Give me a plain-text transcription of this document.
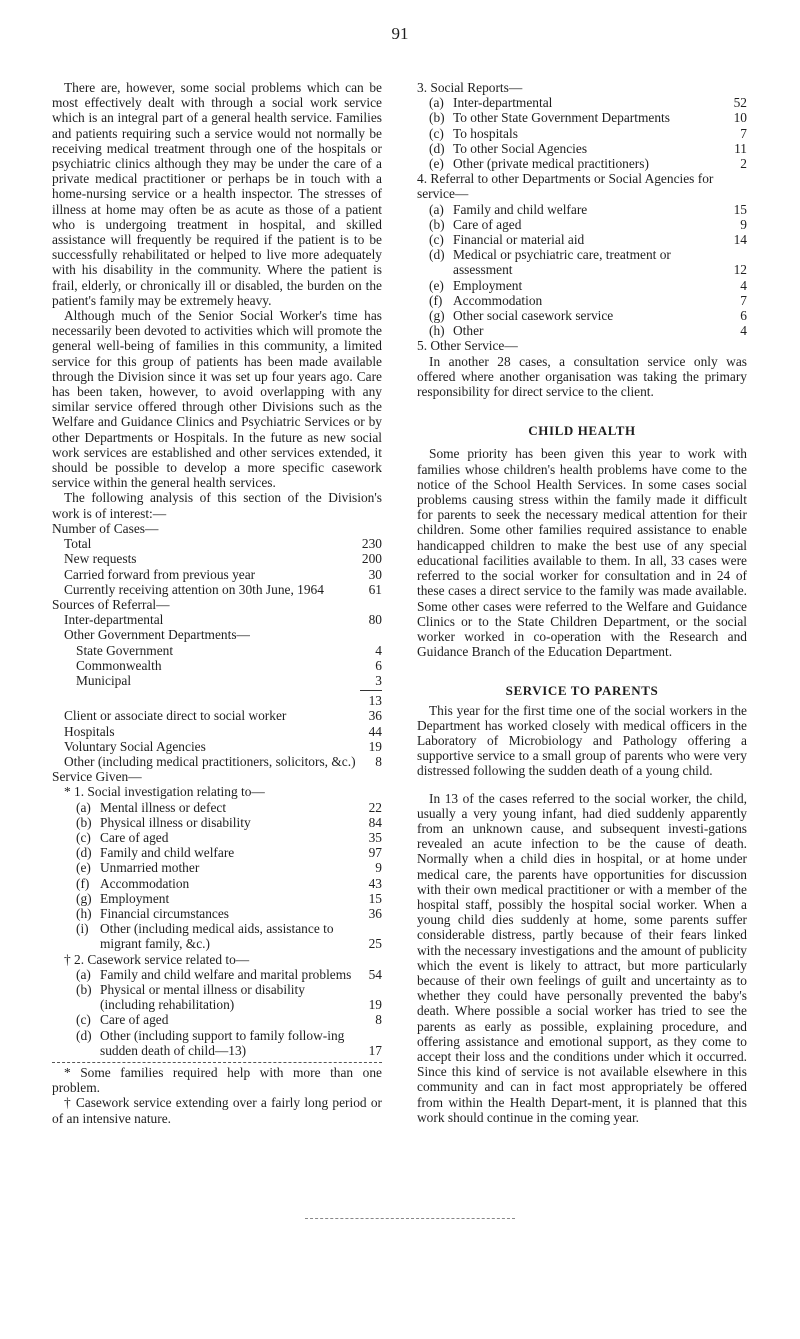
91

There are, however, some social problems which can be most effectively dealt with through a social work service which is an integral part of a general health service. Families and patients requiring such a service would not normally be receiving medical treatment through one of the hospitals or psychiatric clinics although they may be under the care of a private medical practitioner or perhaps be in touch with a home-nursing service or a health inspector. The stresses of illness at home may often be as acute as those of a patient who is undergoing treatment in hospital, and skilled assistance will frequently be required if the patient is to be successfully rehabilitated or helped to live more adequately with his disability in the community. Where the patient is frail, elderly, or chronically ill or disabled, the burden on the patient's family may be extremely heavy.

Although much of the Senior Social Worker's time has necessarily been devoted to activities which will promote the general well-being of families in this community, a limited service for this group of patients has been made available through the Division since it was set up four years ago. Care has been taken, however, to avoid overlapping with any similar service offered through other Divisions such as the Welfare and Guidance Clinics and Psychiatric Services or by other Departments or Hospitals. In the future as new social work services are established and other services extended, it should be possible to develop a more specific casework service within the general health services.

The following analysis of this section of the Division's work is of interest:—

Number of Cases—
Total	230
New requests	200
Carried forward from previous year	30
Currently receiving attention on 30th June, 1964	61
Sources of Referral—
Inter-departmental	80
Other Government Departments—
State Government	4
Commonwealth	6
Municipal	3
13
Client or associate direct to social worker	36
Hospitals	44
Voluntary Social Agencies	19
Other (including medical practitioners, solicitors, &c.)	8
Service Given—
* 1. Social investigation relating to—
(a) Mental illness or defect	22
(b) Physical illness or disability	84
(c) Care of aged	35
(d) Family and child welfare	97
(e) Unmarried mother	9
(f) Accommodation	43
(g) Employment	15
(h) Financial circumstances	36
(i) Other (including medical aids, assistance to migrant family, &c.)	25
† 2. Casework service related to—
(a) Family and child welfare and marital problems	54
(b) Physical or mental illness or disability (including rehabilitation)	19
(c) Care of aged	8
(d) Other (including support to family follow-ing sudden death of child—13)	17

* Some families required help with more than one problem.

† Casework service extending over a fairly long period or of an intensive nature.

3. Social Reports—
(a) Inter-departmental	52
(b) To other State Government Departments	10
(c) To hospitals	7
(d) To other Social Agencies	11
(e) Other (private medical practitioners)	2
4. Referral to other Departments or Social Agencies for service—
(a) Family and child welfare	15
(b) Care of aged	9
(c) Financial or material aid	14
(d) Medical or psychiatric care, treatment or assessment	12
(e) Employment	4
(f) Accommodation	7
(g) Other social casework service	6
(h) Other	4
5. Other Service—

In another 28 cases, a consultation service only was offered where another organisation was taking the primary responsibility for direct service to the client.

CHILD HEALTH

Some priority has been given this year to work with families whose children's health problems have come to the notice of the School Health Services. In some cases social problems causing stress within the family made it difficult for parents to seek the necessary medical attention for their children. Some other families required assistance to enable handicapped children to make the best use of any special educational facilities available to them. In all, 33 cases were referred to the social worker for consultation and in 24 of these cases a direct service to the family was made available. Some other cases were referred to the Welfare and Guidance Clinics or to the State Children Department, or the social worker worked in co-operation with the Research and Guidance Branch of the Education Department.

SERVICE TO PARENTS

This year for the first time one of the social workers in the Department has worked closely with medical officers in the Laboratory of Microbiology and Pathology offering a supportive service to a small group of parents who were very distressed following the sudden death of a young child.

In 13 of the cases referred to the social worker, the child, usually a very young infant, had died suddenly apparently from an unknown cause, and subsequent investi-gations revealed an acute infection to be the cause of death. Normally when a child dies in hospital, or at home under medical care, the parents have opportunities for discussion with their own medical practitioner or with a member of the hospital staff, possibly the hospital social worker. When a young child dies suddenly at home, some parents suffer considerable distress, partly because of their fears linked with the necessary investigations and the amount of publicity which the event is likely to attract, but more particularly because of their own feelings of guilt and uncertainty as to whether they could have personally prevented the baby's death. Where possible a social worker has tried to see the parents as early as possible, explaining procedure, and offering assistance and emotional support, as they come to accept their loss and the conditions under which it occurred. Since this kind of service is not available elsewhere in this community and can in fact most appropriately be offered from within the Health Depart-ment, it is planned that this work should continue in the coming year.
